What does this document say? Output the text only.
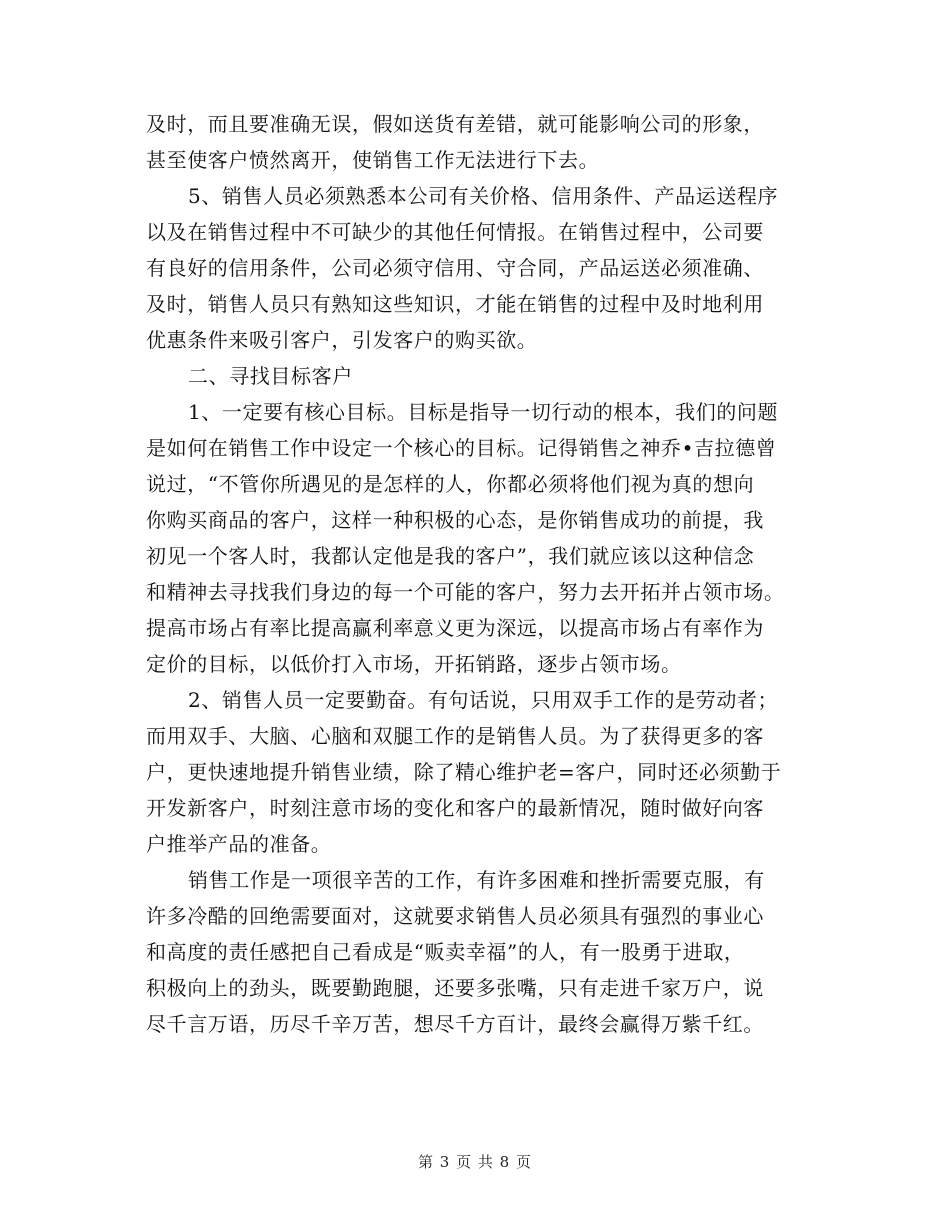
及时，而且要准确无误，假如送货有差错，就可能影响公司的形象，
甚至使客户愤然离开，使销售工作无法进行下去。
5、销售人员必须熟悉本公司有关价格、信用条件、产品运送程序
以及在销售过程中不可缺少的其他任何情报。在销售过程中，公司要
有良好的信用条件，公司必须守信用、守合同，产品运送必须准确、
及时，销售人员只有熟知这些知识，才能在销售的过程中及时地利用
优惠条件来吸引客户，引发客户的购买欲。
二、寻找目标客户
1、一定要有核心目标。目标是指导一切行动的根本，我们的问题
是如何在销售工作中设定一个核心的目标。记得销售之神乔•吉拉德曾
说过，“不管你所遇见的是怎样的人，你都必须将他们视为真的想向
你购买商品的客户，这样一种积极的心态，是你销售成功的前提，我
初见一个客人时，我都认定他是我的客户”，我们就应该以这种信念
和精神去寻找我们身边的每一个可能的客户，努力去开拓并占领市场。
提高市场占有率比提高赢利率意义更为深远，以提高市场占有率作为
定价的目标，以低价打入市场，开拓销路，逐步占领市场。
2、销售人员一定要勤奋。有句话说，只用双手工作的是劳动者；
而用双手、大脑、心脑和双腿工作的是销售人员。为了获得更多的客
户，更快速地提升销售业绩，除了精心维护老=客户，同时还必须勤于
开发新客户，时刻注意市场的变化和客户的最新情况，随时做好向客
户推举产品的准备。
销售工作是一项很辛苦的工作，有许多困难和挫折需要克服，有
许多冷酷的回绝需要面对，这就要求销售人员必须具有强烈的事业心
和高度的责任感把自己看成是“贩卖幸福”的人，有一股勇于进取，
积极向上的劲头，既要勤跑腿，还要多张嘴，只有走进千家万户，说
尽千言万语，历尽千辛万苦，想尽千方百计，最终会赢得万紫千红。
第 3 页 共 8 页
